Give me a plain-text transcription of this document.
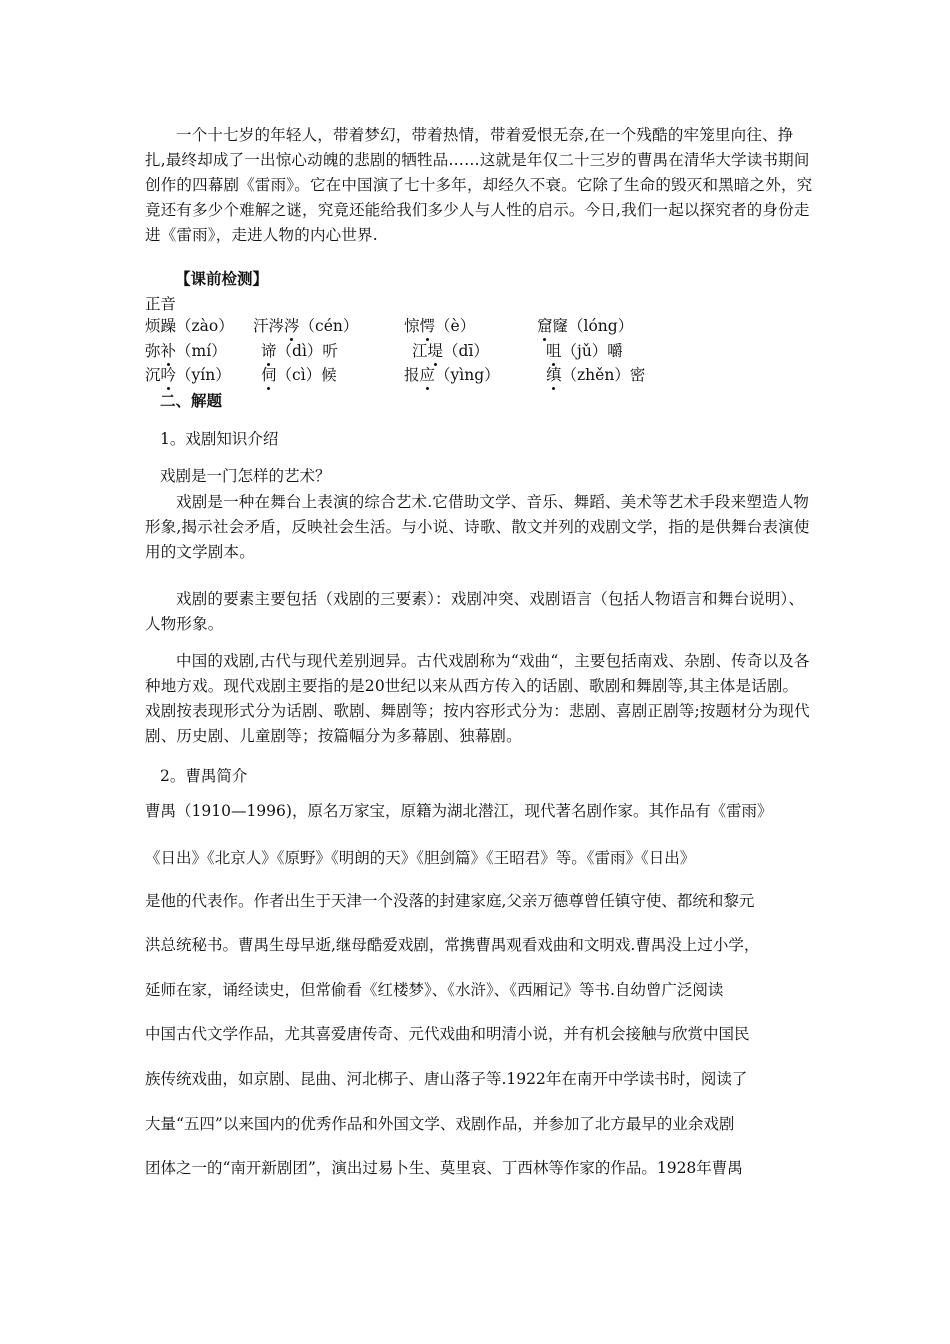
一个十七岁的年轻人，带着梦幻，带着热情，带着爱恨无奈,在一个残酷的牢笼里向往、挣扎,最终却成了一出惊心动魄的悲剧的牺牲品……这就是年仅二十三岁的曹禺在清华大学读书期间创作的四幕剧《雷雨》。它在中国演了七十多年，却经久不衰。它除了生命的毁灭和黑暗之外，究竟还有多少个难解之谜，究竟还能给我们多少人与人性的启示。今日,我们一起以探究者的身份走进《雷雨》，走进人物的内心世界.

【课前检测】

正音

烦躁（zào） 汗涔涔（cén）	惊愕（è）	窟窿（lóng）
弥补（mí） 谛（dì）听	江堤（dī）	咀（jǔ）嚼
沉吟（yín） 伺（cì）候	报应（yìng）	缜（zhěn）密

二、解题

1。戏剧知识介绍

戏剧是一门怎样的艺术？

戏剧是一种在舞台上表演的综合艺术.它借助文学、音乐、舞蹈、美术等艺术手段来塑造人物形象,揭示社会矛盾，反映社会生活。与小说、诗歌、散文并列的戏剧文学，指的是供舞台表演使用的文学剧本。

戏剧的要素主要包括（戏剧的三要素）：戏剧冲突、戏剧语言（包括人物语言和舞台说明）、人物形象。

中国的戏剧,古代与现代差别迥异。古代戏剧称为“戏曲“，主要包括南戏、杂剧、传奇以及各种地方戏。现代戏剧主要指的是20世纪以来从西方传入的话剧、歌剧和舞剧等,其主体是话剧。戏剧按表现形式分为话剧、歌剧、舞剧等；按内容形式分为：悲剧、喜剧正剧等;按题材分为现代剧、历史剧、儿童剧等；按篇幅分为多幕剧、独幕剧。

2。曹禺简介

曹禺（1910—1996)，原名万家宝，原籍为湖北潜江，现代著名剧作家。其作品有《雷雨》

《日出》《北京人》《原野》《明朗的天》《胆剑篇》《王昭君》等。《雷雨》《日出》

是他的代表作。作者出生于天津一个没落的封建家庭,父亲万德尊曾任镇守使、都统和黎元

洪总统秘书。曹禺生母早逝,继母酷爱戏剧，常携曹禺观看戏曲和文明戏.曹禺没上过小学，

延师在家，诵经读史，但常偷看《红楼梦》、《水浒》、《西厢记》等书.自幼曾广泛阅读

中国古代文学作品，尤其喜爱唐传奇、元代戏曲和明清小说，并有机会接触与欣赏中国民

族传统戏曲，如京剧、昆曲、河北梆子、唐山落子等.1922年在南开中学读书时，阅读了

大量“五四”以来国内的优秀作品和外国文学、戏剧作品，并参加了北方最早的业余戏剧

团体之一的“南开新剧团”，演出过易卜生、莫里哀、丁西林等作家的作品。1928年曹禺
